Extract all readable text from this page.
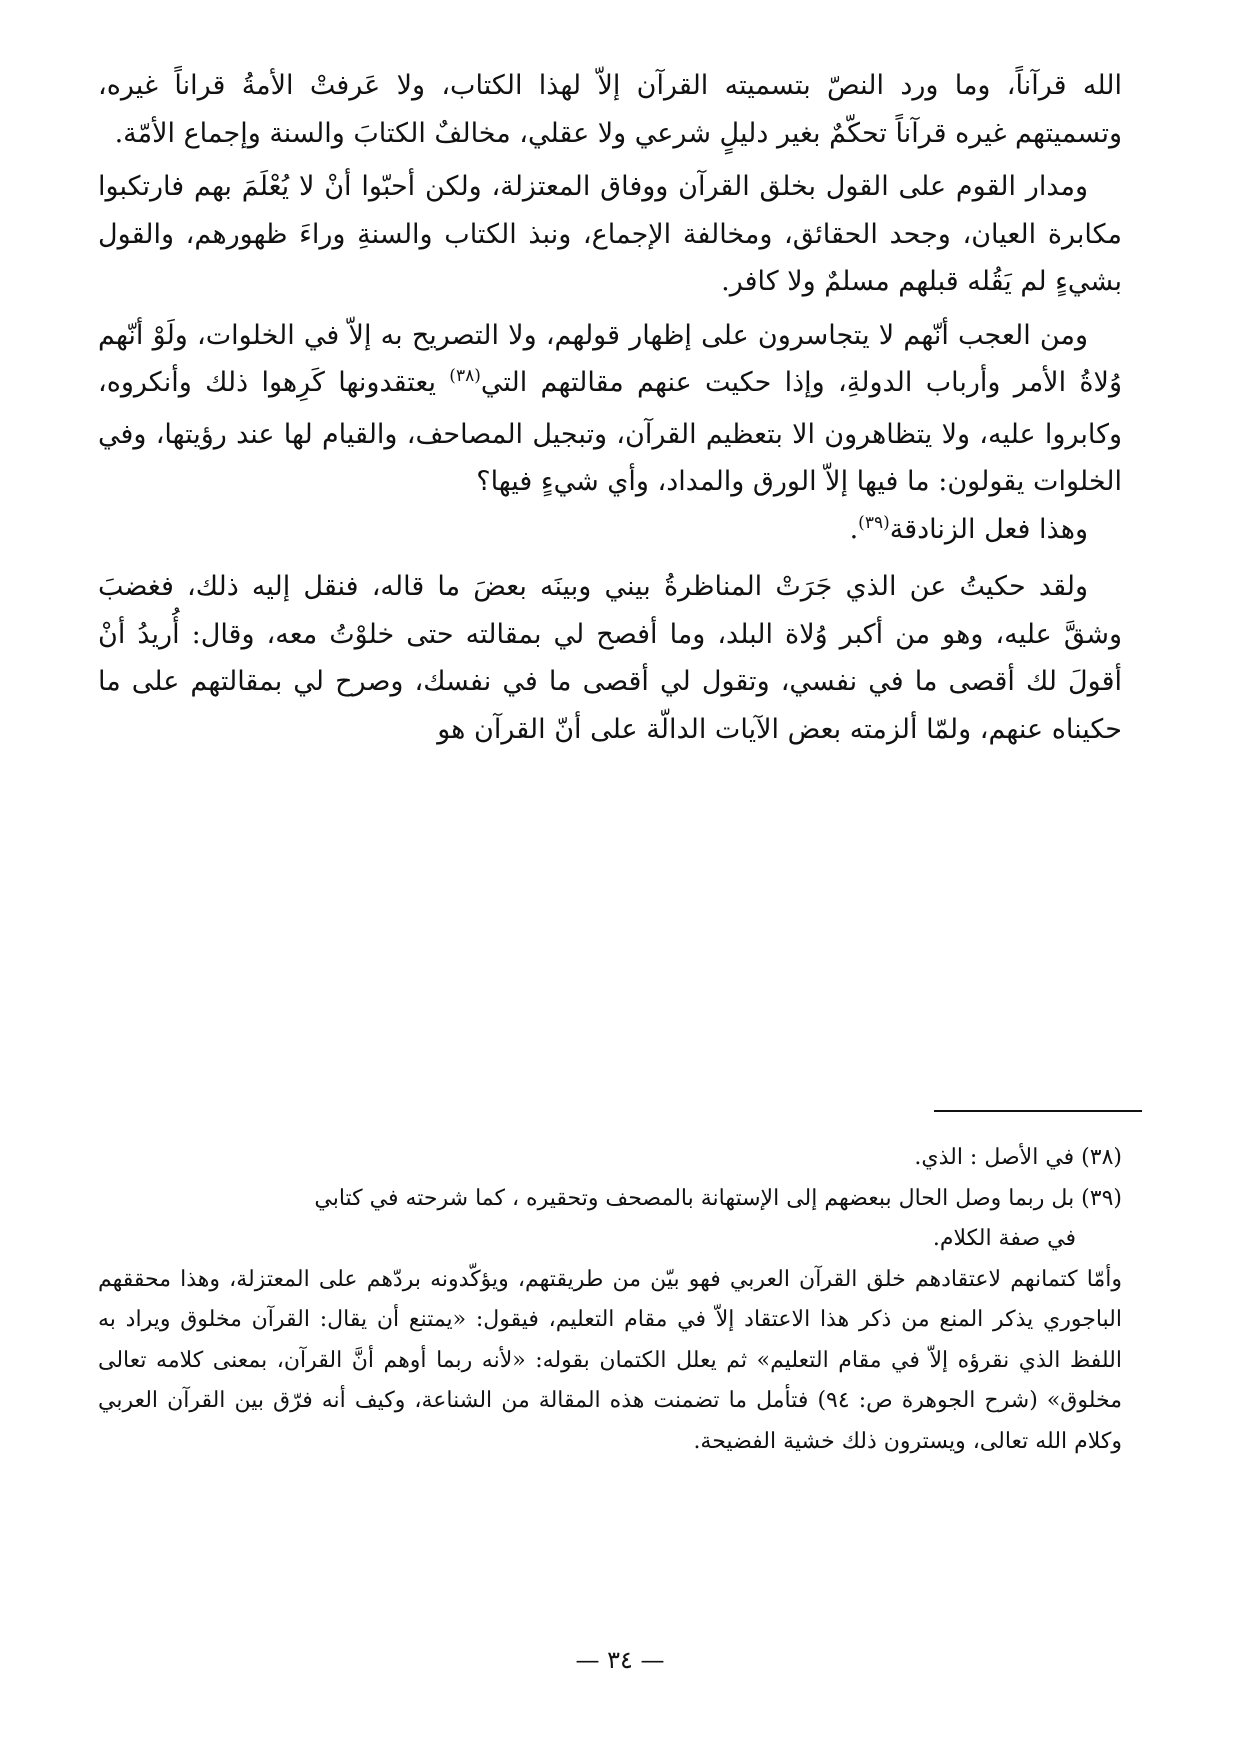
الله قرآناً، وما ورد النصّ بتسميته القرآن إلاّ لهذا الكتاب، ولا عَرفتْ الأمةُ قراناً غيره، وتسميتهم غيره قرآناً تحكّمٌ بغير دليلٍ شرعي ولا عقلي، مخالفٌ الكتابَ والسنة وإجماع الأمّة.

ومدار القوم على القول بخلق القرآن ووفاق المعتزلة، ولكن أحبّوا أنْ لا يُعْلَمَ بهم فارتكبوا مكابرة العيان، وجحد الحقائق، ومخالفة الإجماع، ونبذ الكتاب والسنةِ وراءَ ظهورهم، والقول بشيءٍ لم يَقُله قبلهم مسلمٌ ولا كافر.

ومن العجب أنّهم لا يتجاسرون على إظهار قولهم، ولا التصريح به إلاّ في الخلوات، ولَوْ أنّهم وُلاةُ الأمر وأرباب الدولةِ، وإذا حكيت عنهم مقالتهم التي$^{(٣٨)}$ يعتقدونها كَرِهوا ذلك وأنكروه، وكابروا عليه، ولا يتظاهرون الا بتعظيم القرآن، وتبجيل المصاحف، والقيام لها عند رؤيتها، وفي الخلوات يقولون: ما فيها إلاّ الورق والمداد، وأي شيءٍ فيها؟

وهذا فعل الزنادقة$^{(٣٩)}$.

ولقد حكيتُ عن الذي جَرَتْ المناظرةُ بيني وبينَه بعضَ ما قاله، فنقل إليه ذلك، فغضبَ وشقَّ عليه، وهو من أكبر وُلاة البلد، وما أفصح لي بمقالته حتى خلوْتُ معه، وقال: أُريدُ أنْ أقولَ لك أقصى ما في نفسي، وتقول لي أقصى ما في نفسك، وصرح لي بمقالتهم على ما حكيناه عنهم، ولمّا ألزمته بعض الآيات الدالّة على أنّ القرآن هو

(٣٨) في الأصل : الذي.

(٣٩) بل ربما وصل الحال ببعضهم إلى الإستهانة بالمصحف وتحقيره ، كما شرحته في كتابي

في صفة الكلام.

وأمّا كتمانهم لاعتقادهم خلق القرآن العربي فهو بيّن من طريقتهم، ويؤكّدونه بردّهم على المعتزلة، وهذا محققهم الباجوري يذكر المنع من ذكر هذا الاعتقاد إلاّ في مقام التعليم، فيقول: «يمتنع أن يقال: القرآن مخلوق ويراد به اللفظ الذي نقرؤه إلاّ في مقام التعليم» ثم يعلل الكتمان بقوله: «لأنه ربما أوهم أنَّ القرآن، بمعنى كلامه تعالى مخلوق» (شرح الجوهرة ص: ٩٤) فتأمل ما تضمنت هذه المقالة من الشناعة، وكيف أنه فرّق بين القرآن العربي وكلام الله تعالى، ويسترون ذلك خشية الفضيحة.

— ٣٤ —
